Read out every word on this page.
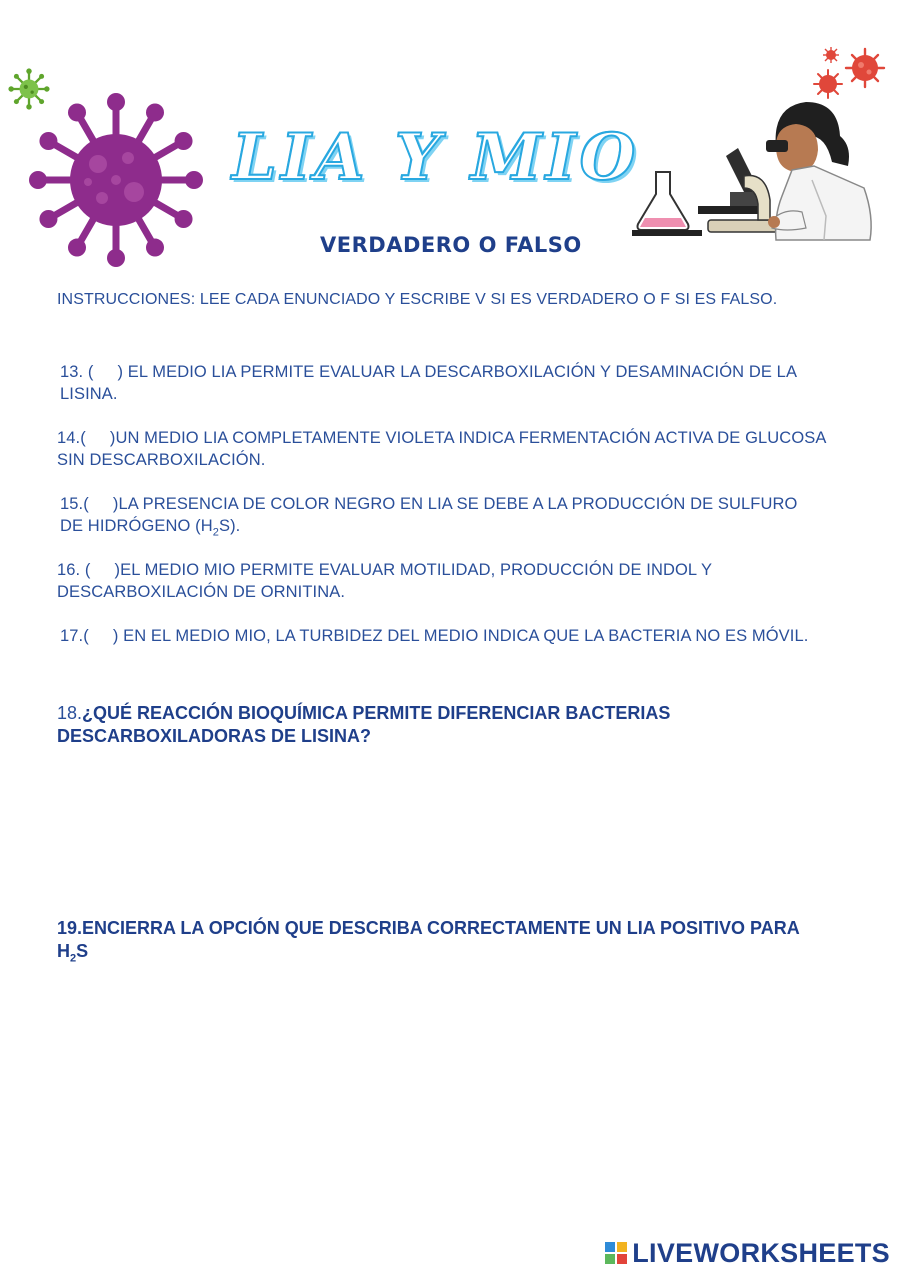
LIA Y MIO
VERDADERO O FALSO
INSTRUCCIONES: LEE CADA ENUNCIADO Y ESCRIBE V SI ES VERDADERO O F SI ES FALSO.
13. ( ) EL MEDIO LIA PERMITE EVALUAR LA DESCARBOXILACIÓN Y DESAMINACIÓN DE LA LISINA.
14.( )UN MEDIO LIA COMPLETAMENTE VIOLETA INDICA FERMENTACIÓN ACTIVA DE GLUCOSA SIN DESCARBOXILACIÓN.
15.( )LA PRESENCIA DE COLOR NEGRO EN LIA SE DEBE A LA PRODUCCIÓN DE SULFURO DE HIDRÓGENO $(H_2S)$.
16. ( )EL MEDIO MIO PERMITE EVALUAR MOTILIDAD, PRODUCCIÓN DE INDOL Y DESCARBOXILACIÓN DE ORNITINA.
17.( ) EN EL MEDIO MIO, LA TURBIDEZ DEL MEDIO INDICA QUE LA BACTERIA NO ES MÓVIL.
18.¿QUÉ REACCIÓN BIOQUÍMICA PERMITE DIFERENCIAR BACTERIAS DESCARBOXILADORAS DE LISINA?
19.ENCIERRA LA OPCIÓN QUE DESCRIBA CORRECTAMENTE UN LIA POSITIVO PARA $H_2S$
LIVEWORKSHEETS
